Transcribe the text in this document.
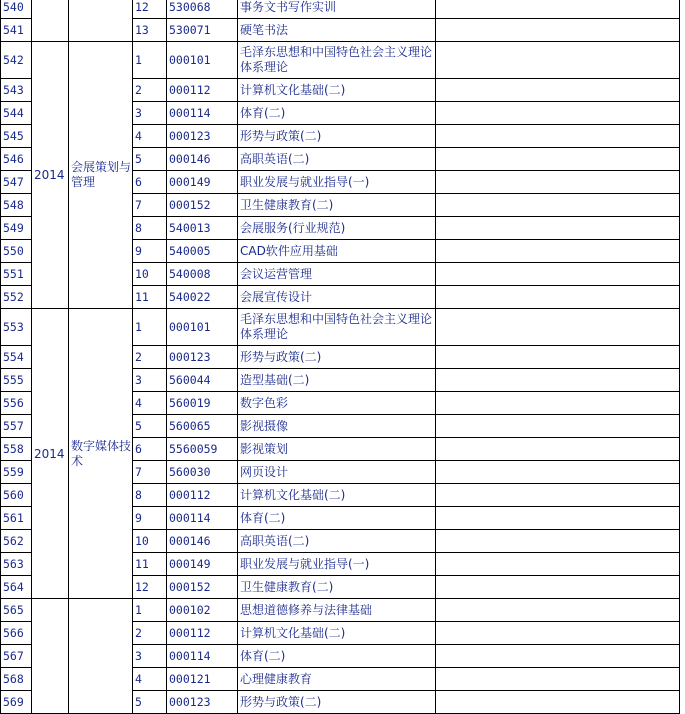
540			12	530068	事务文书写作实训	
541			13	530071	硬笔书法	
542	2014	会展策划与管理	1	000101	毛泽东思想和中国特色社会主义理论体系理论	
543			2	000112	计算机文化基础(二)	
544			3	000114	体育(二)	
545			4	000123	形势与政策(二)	
546			5	000146	高职英语(二)	
547			6	000149	职业发展与就业指导(一)	
548			7	000152	卫生健康教育(二)	
549			8	540013	会展服务(行业规范)	
550			9	540005	CAD软件应用基础	
551			10	540008	会议运营管理	
552			11	540022	会展宣传设计	
553	2014	数字媒体技术	1	000101	毛泽东思想和中国特色社会主义理论体系理论	
554			2	000123	形势与政策(二)	
555			3	560044	造型基础(二)	
556			4	560019	数字色彩	
557			5	560065	影视摄像	
558			6	5560059	影视策划	
559			7	560030	网页设计	
560			8	000112	计算机文化基础(二)	
561			9	000114	体育(二)	
562			10	000146	高职英语(二)	
563			11	000149	职业发展与就业指导(一)	
564			12	000152	卫生健康教育(二)	
565			1	000102	思想道德修养与法律基础	
566			2	000112	计算机文化基础(二)	
567			3	000114	体育(二)	
568			4	000121	心理健康教育	
569			5	000123	形势与政策(二)	
